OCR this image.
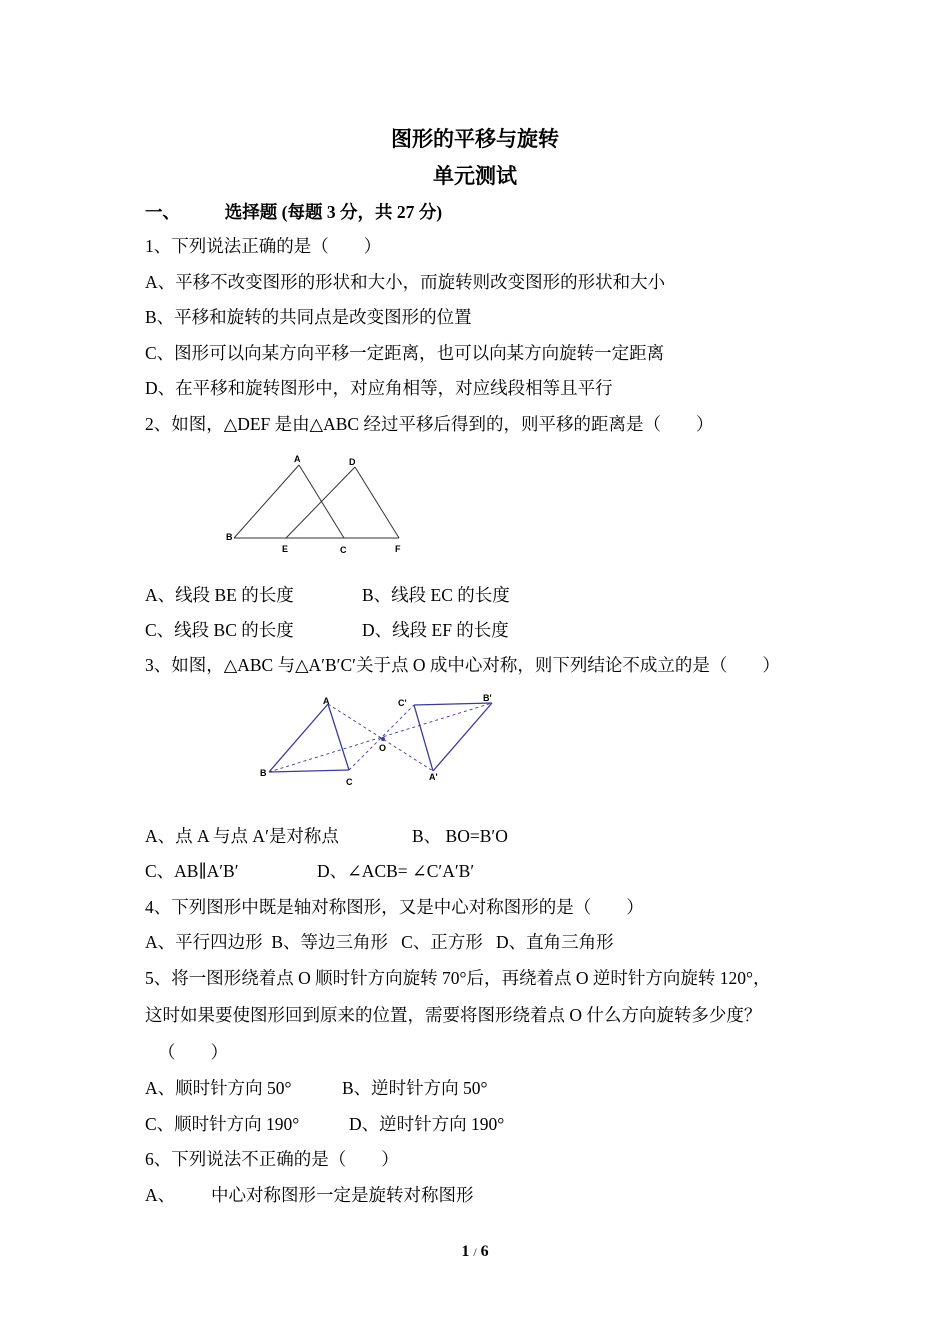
图形的平移与旋转
单元测试
一、	选择题 (每题 3 分，共 27 分)
1、下列说法正确的是（　　）
A、平移不改变图形的形状和大小，而旋转则改变图形的形状和大小
B、平移和旋转的共同点是改变图形的位置
C、图形可以向某方向平移一定距离，也可以向某方向旋转一定距离
D、在平移和旋转图形中，对应角相等，对应线段相等且平行
2、如图，△DEF 是由△ABC 经过平移后得到的，则平移的距离是（　　）
A	D
B
E	C	F
A、线段 BE 的长度	B、线段 EC 的长度
C、线段 BC 的长度	D、线段 EF 的长度
3、如图，△ABC 与△A′B′C′关于点 O 成中心对称，则下列结论不成立的是（　　）
A
B
C
O
C'	B'
A'
A、点 A 与点 A′是对称点	B、 BO=B′O
C、AB∥A′B′	D、∠ACB= ∠C′A′B′
4、下列图形中既是轴对称图形，又是中心对称图形的是（　　）
A、平行四边形  B、等边三角形   C、正方形   D、直角三角形
5、将一图形绕着点 O 顺时针方向旋转 70°后，再绕着点 O 逆时针方向旋转 120°，
这时如果要使图形回到原来的位置，需要将图形绕着点 O 什么方向旋转多少度？
（　　）
A、顺时针方向 50°	B、逆时针方向 50°
C、顺时针方向 190°	D、逆时针方向 190°
6、下列说法不正确的是（　　）
A、 中心对称图形一定是旋转对称图形
1 / 6
